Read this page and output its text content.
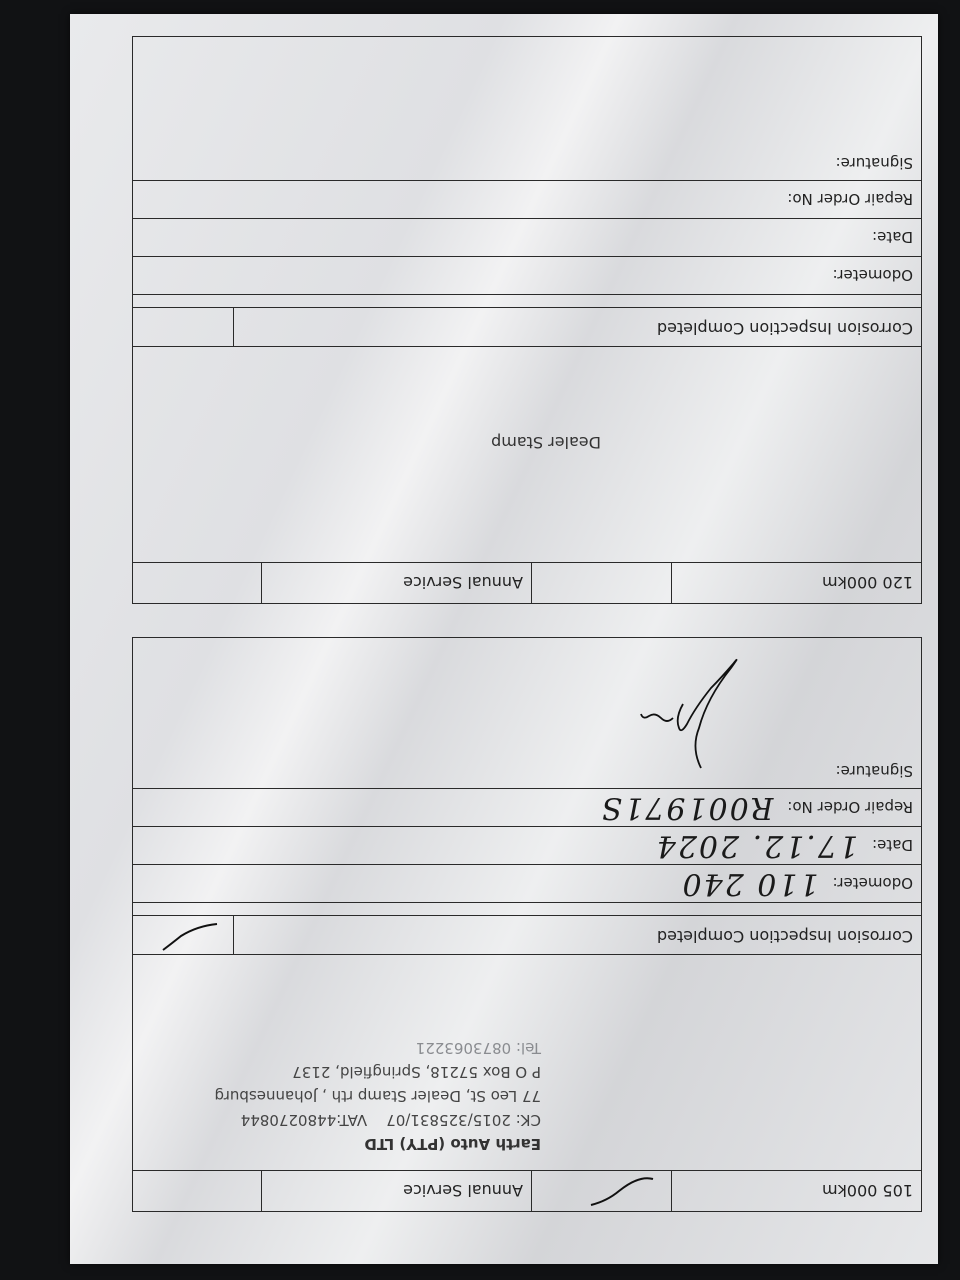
105 000km
Annual Service
Earth Auto (PTY) LTD
CK: 2015/325831/07    VAT:4480270844
77 Leo St, Dealer Stamp rth , Johannesburg
P O Box 57218, Springfield, 2137
Tel: 0873063221
Corrosion Inspection Completed
Odometer:
110 240
Date:
17.12. 2024
Repair Order No:
R001971S
Signature:
120 000km
Annual Service
Dealer Stamp
Corrosion Inspection Completed
Odometer:
Date:
Repair Order No:
Signature:
